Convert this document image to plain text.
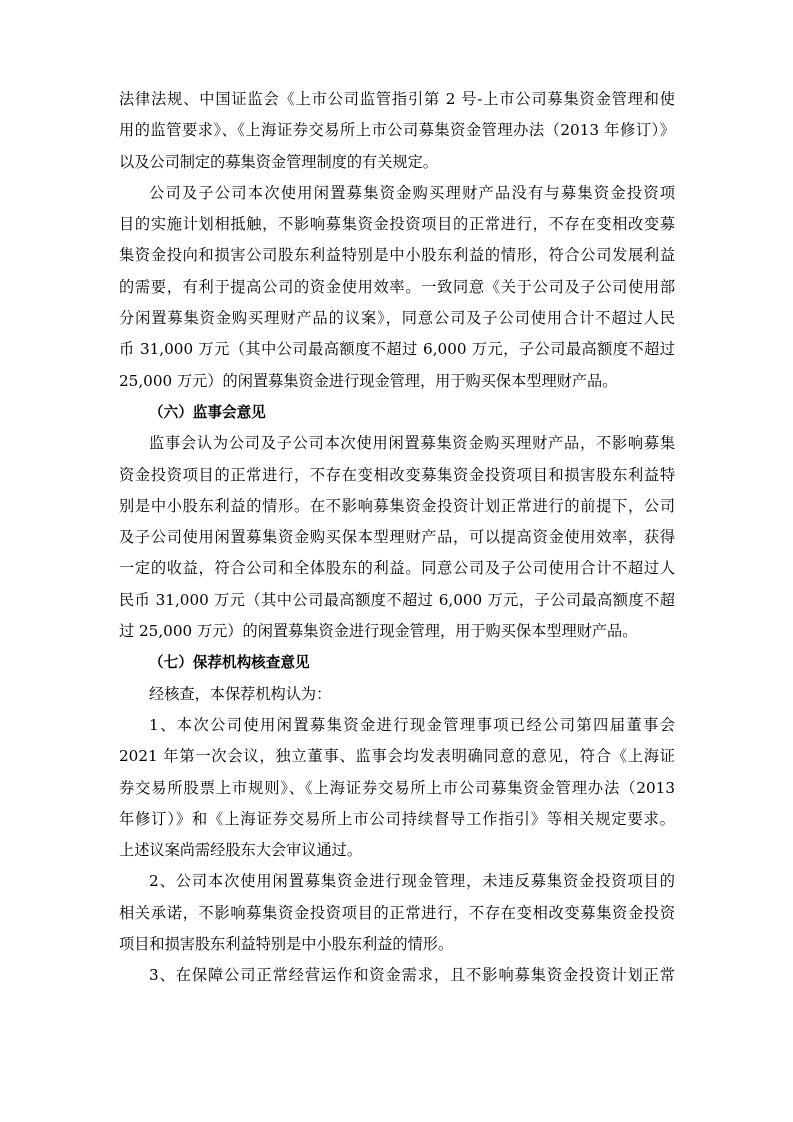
法律法规、中国证监会《上市公司监管指引第 2 号-上市公司募集资金管理和使
用的监管要求》、《上海证券交易所上市公司募集资金管理办法（2013 年修订）》
以及公司制定的募集资金管理制度的有关规定。
公司及子公司本次使用闲置募集资金购买理财产品没有与募集资金投资项
目的实施计划相抵触，不影响募集资金投资项目的正常进行，不存在变相改变募
集资金投向和损害公司股东利益特别是中小股东利益的情形，符合公司发展利益
的需要，有利于提高公司的资金使用效率。一致同意《关于公司及子公司使用部
分闲置募集资金购买理财产品的议案》，同意公司及子公司使用合计不超过人民
币 31,000 万元（其中公司最高额度不超过 6,000 万元，子公司最高额度不超过
25,000 万元）的闲置募集资金进行现金管理，用于购买保本型理财产品。
（六）监事会意见
监事会认为公司及子公司本次使用闲置募集资金购买理财产品，不影响募集
资金投资项目的正常进行，不存在变相改变募集资金投资项目和损害股东利益特
别是中小股东利益的情形。在不影响募集资金投资计划正常进行的前提下，公司
及子公司使用闲置募集资金购买保本型理财产品，可以提高资金使用效率，获得
一定的收益，符合公司和全体股东的利益。同意公司及子公司使用合计不超过人
民币 31,000 万元（其中公司最高额度不超过 6,000 万元，子公司最高额度不超
过 25,000 万元）的闲置募集资金进行现金管理，用于购买保本型理财产品。
（七）保荐机构核查意见
经核查，本保荐机构认为：
1、本次公司使用闲置募集资金进行现金管理事项已经公司第四届董事会
2021 年第一次会议，独立董事、监事会均发表明确同意的意见，符合《上海证
券交易所股票上市规则》、《上海证券交易所上市公司募集资金管理办法（2013
年修订）》和《上海证券交易所上市公司持续督导工作指引》等相关规定要求。
上述议案尚需经股东大会审议通过。
2、公司本次使用闲置募集资金进行现金管理，未违反募集资金投资项目的
相关承诺，不影响募集资金投资项目的正常进行，不存在变相改变募集资金投资
项目和损害股东利益特别是中小股东利益的情形。
3、在保障公司正常经营运作和资金需求，且不影响募集资金投资计划正常
